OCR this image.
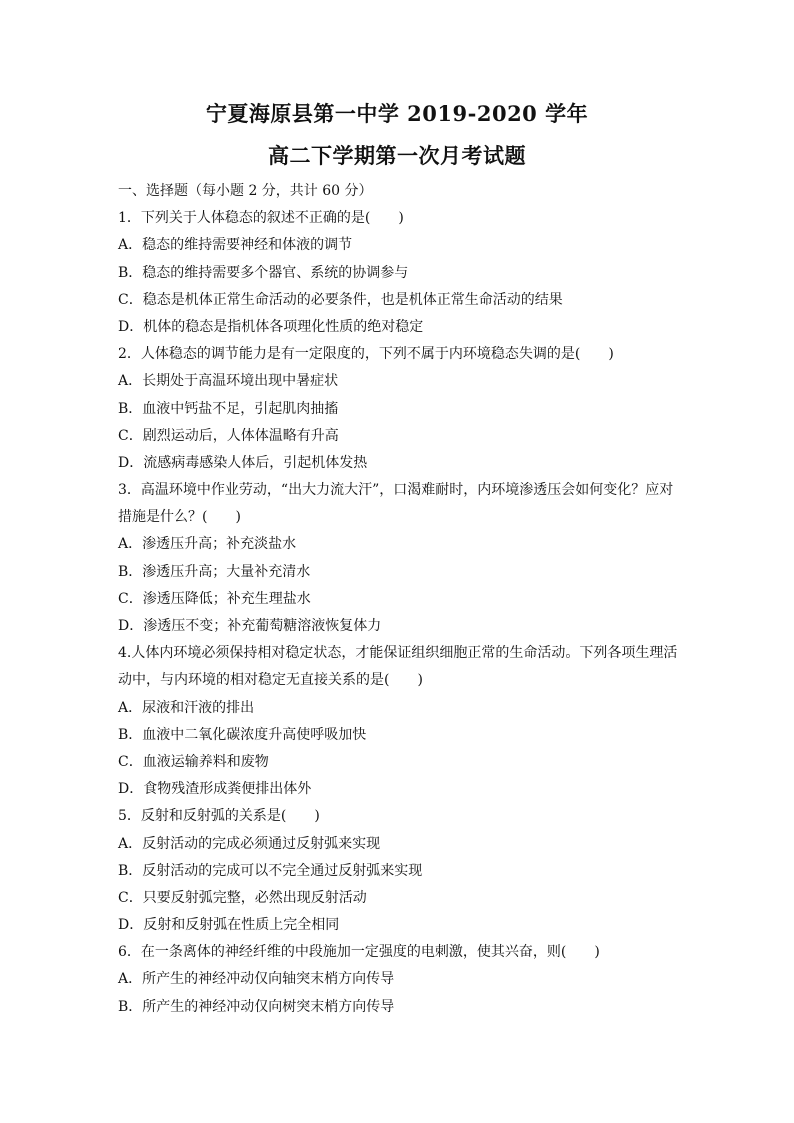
宁夏海原县第一中学 2019-2020 学年
高二下学期第一次月考试题
一、选择题（每小题 2 分，共计 60 分）
1．下列关于人体稳态的叙述不正确的是(　　)
A．稳态的维持需要神经和体液的调节
B．稳态的维持需要多个器官、系统的协调参与
C．稳态是机体正常生命活动的必要条件，也是机体正常生命活动的结果
D．机体的稳态是指机体各项理化性质的绝对稳定
2．人体稳态的调节能力是有一定限度的，下列不属于内环境稳态失调的是(　　)
A．长期处于高温环境出现中暑症状
B．血液中钙盐不足，引起肌肉抽搐
C．剧烈运动后，人体体温略有升高
D．流感病毒感染人体后，引起机体发热
3．高温环境中作业劳动，“出大力流大汗”，口渴难耐时，内环境渗透压会如何变化？应对
措施是什么？(　　)
A．渗透压升高；补充淡盐水
B．渗透压升高；大量补充清水
C．渗透压降低；补充生理盐水
D．渗透压不变；补充葡萄糖溶液恢复体力
4.人体内环境必须保持相对稳定状态，才能保证组织细胞正常的生命活动。下列各项生理活
动中，与内环境的相对稳定无直接关系的是(　　)
A．尿液和汗液的排出
B．血液中二氧化碳浓度升高使呼吸加快
C．血液运输养料和废物
D．食物残渣形成粪便排出体外
5．反射和反射弧的关系是(　　)
A．反射活动的完成必须通过反射弧来实现
B．反射活动的完成可以不完全通过反射弧来实现
C．只要反射弧完整，必然出现反射活动
D．反射和反射弧在性质上完全相同
6．在一条离体的神经纤维的中段施加一定强度的电刺激，使其兴奋，则(　　)
A．所产生的神经冲动仅向轴突末梢方向传导
B．所产生的神经冲动仅向树突末梢方向传导
